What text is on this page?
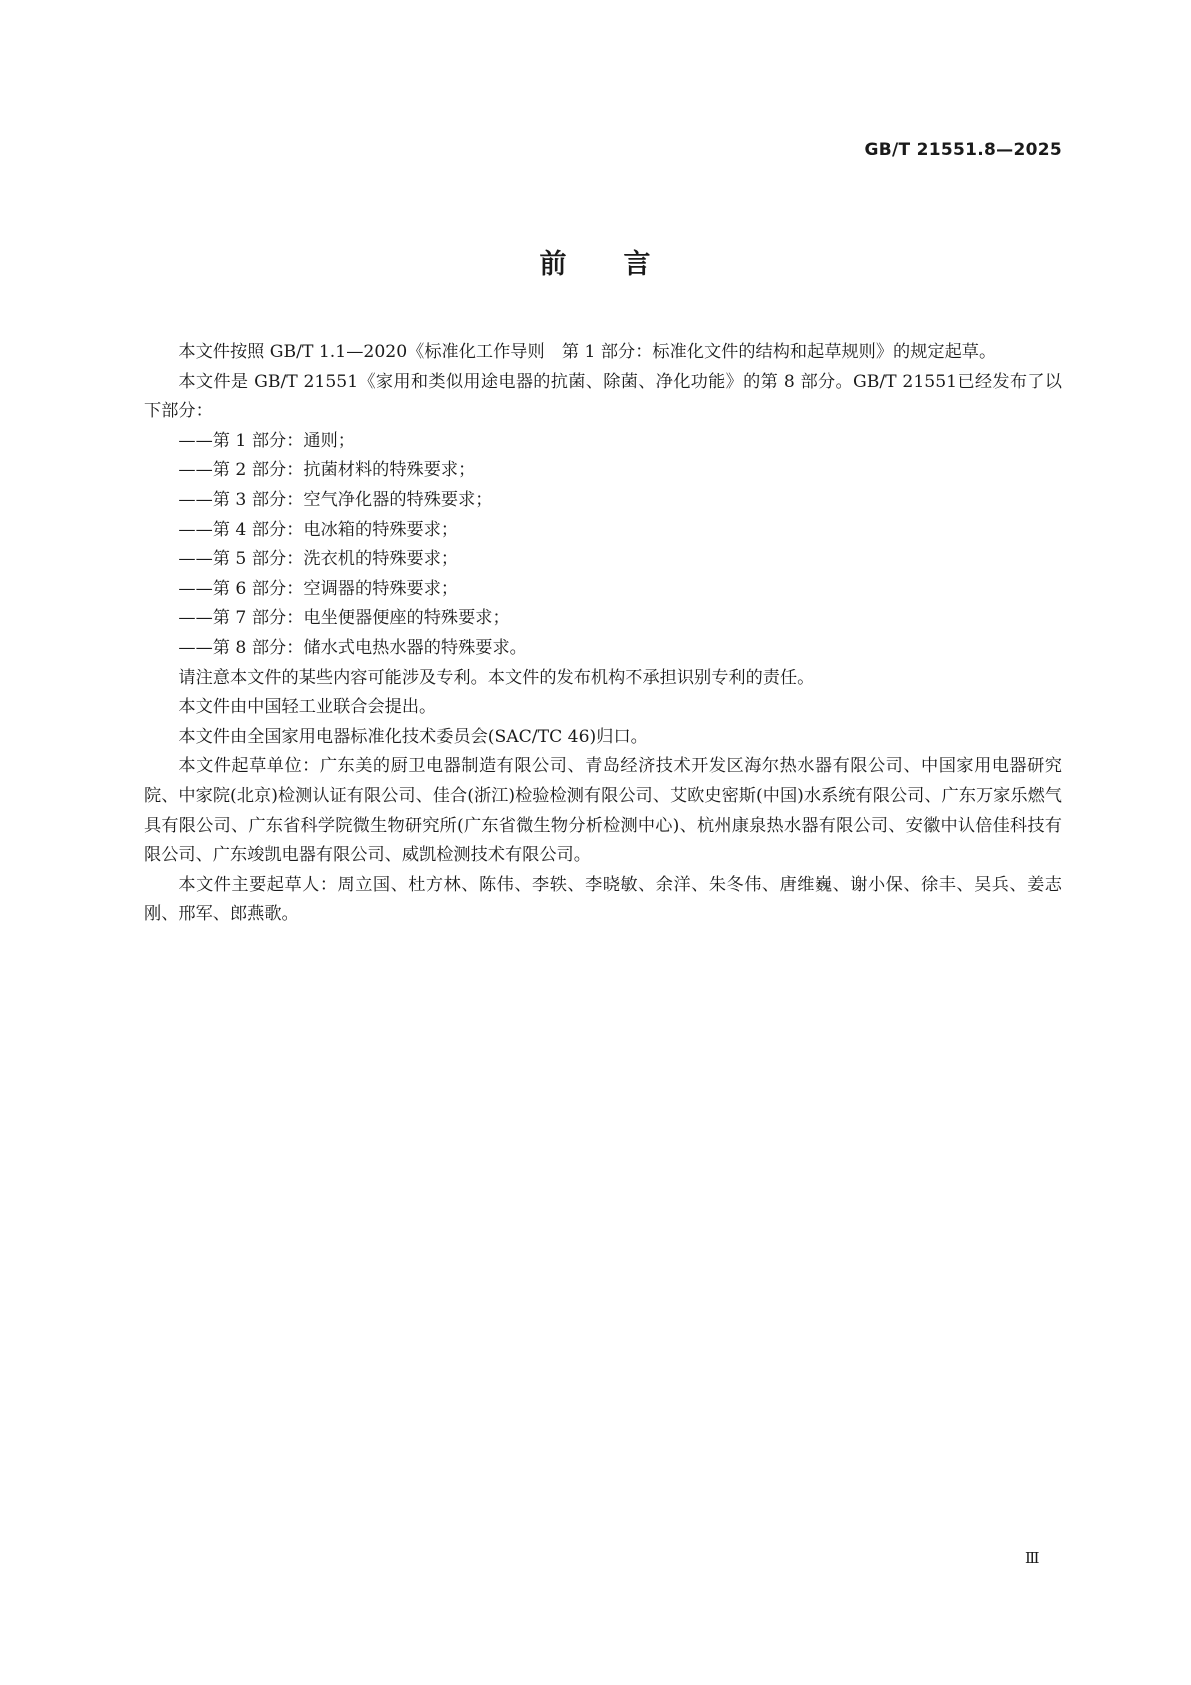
GB/T 21551.8—2025
前　　言

本文件按照 GB/T 1.1—2020《标准化工作导则　第 1 部分：标准化文件的结构和起草规则》的规定起草。

本文件是 GB/T 21551《家用和类似用途电器的抗菌、除菌、净化功能》的第 8 部分。GB/T 21551已经发布了以下部分：

——第 1 部分：通则；

——第 2 部分：抗菌材料的特殊要求；

——第 3 部分：空气净化器的特殊要求；

——第 4 部分：电冰箱的特殊要求；

——第 5 部分：洗衣机的特殊要求；

——第 6 部分：空调器的特殊要求；

——第 7 部分：电坐便器便座的特殊要求；

——第 8 部分：储水式电热水器的特殊要求。

请注意本文件的某些内容可能涉及专利。本文件的发布机构不承担识别专利的责任。

本文件由中国轻工业联合会提出。

本文件由全国家用电器标准化技术委员会(SAC/TC 46)归口。

本文件起草单位：广东美的厨卫电器制造有限公司、青岛经济技术开发区海尔热水器有限公司、中国家用电器研究院、中家院(北京)检测认证有限公司、佳合(浙江)检验检测有限公司、艾欧史密斯(中国)水系统有限公司、广东万家乐燃气具有限公司、广东省科学院微生物研究所(广东省微生物分析检测中心)、杭州康泉热水器有限公司、安徽中认倍佳科技有限公司、广东竣凯电器有限公司、威凯检测技术有限公司。

本文件主要起草人：周立国、杜方林、陈伟、李轶、李晓敏、余洋、朱冬伟、唐维巍、谢小保、徐丰、吴兵、姜志刚、邢军、郎燕歌。

Ⅲ
